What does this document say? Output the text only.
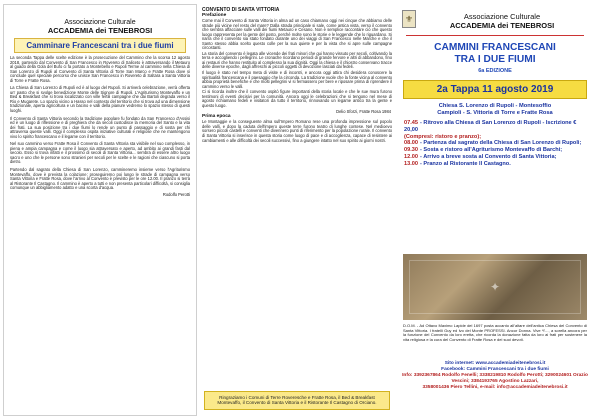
Associazione Culturale
ACCADEMIA dei TENEBROSI
Camminare Francescani tra i due fiumi
La seconda Tappa delle scelte edizione è la prosecuzione del Cammino che la scorsa 12 agosto 2018, partendo dal Convento di San Francesco in Rovereto di Saliceto è attraversando il Metauro al guado della Gola del Bufo ci fa portato a Montebello e Rupoli Terme al cammino nella Chiesa di San Lorenzo di Rupoli al Convento di Santa Vittoria di Torre San Marco e Fratte Rosa dove si conclude quel speciale percorso che unisce San Francesco in Rovereto di Saltara a Santa Vittoria di Torre e Fratte Rosa.
La Chiesa di San Lorenzo di Rupoli ed è al luogo del Rupoli. Si arriverà celebrazione, verrà offerta un' pasto che si svolge benedizione Monte delle Signore di Rupoli. L'Agriturismo Montevaffo e un Bed & Breakfast che si trova localizzato con ville fertili campagne che dai Bartoli degrada verso il Rio e Mugarete. Lo spazio vicino a Hasso nel contesto del territorio che si trova ad una dimensione tradizionale, aperta agricoltura e un bacino e valli della pianure vedremo lo spazio stesso di questi luoghi.
Il Convento di Santa Vittoria secondo la tradizione popolare fu fondato da San Francesco d'Assisi ed è un luogo di riflessione e di preghiera che da secoli custodisce la memoria del Santo e la vita dei frati. La sua posizione tra i due fiumi lo rende un punto di passaggio e di sosta per chi attraversa queste valli. Oggi il complesso ospita iniziative culturali e religiose che ne mantengono vivo lo spirito francescano e il legame con il territorio.
Nel suo cammino verso Fratte Rosa il Convento di Santa Vittoria sta visibile nel suo complesso, in piena e ampia campagna e come il luogo sia attraversato e aperto, ad ambito ai grandi fasti dal secolo. Esso si trova infatti e il prossimo di secoli di Santa Vittoria... sembra di essere altro luogo sacro e uno che le persone sono stranieri per secoli per le scelte e le ragioni che ciascuno si porta dietro.
Partendo dal sagrato della Chiesa di San Lorenzo, cammineremo insieme verso l'Agriturismo Montevaffo, dove è prevista la colazione; proseguiremo poi lungo le strade di campagna verso Santa Vittoria e Fratte Rosa, dove l'arrivo al Convento è previsto per le ore 12.00. Il pranzo si terrà al Ristorante Il Castagno. Il cammino è aperto a tutti e non presenta particolari difficoltà, si consiglia comunque un abbigliamento adatto e una scorta d'acqua.
Rodolfo Perotti
CONVENTO DI SANTA VITTORIA
Prefazione
Come mai il Convento di Santa Vittoria in alma ad un caso chiamano oggi nei cinque che abbiamo delle strade più vicine nel resto del mare? Dalla strada principale si sale, come antica vista, verso il convento che sembra affacciare sulle valli dei fiumi Metauro e Cesano. Non è semplice raccontare ciò che questo luogo rappresenta per la gente del posto, perché molte sono le storie e le leggende che lo riguardano. Si narra che il convento sia stato fondato durante uno dei viaggi di San Francesco nelle Marche e che il Santo stesso abbia scelto questo colle per la sua quiete e per la vista che si apre sulle campagne circostanti.
La storia del convento è legata alle vicende dei frati minori che qui hanno vissuto per secoli, coltivando la terra e accogliendo i pellegrini. Le cronache ricordano periodi di grande fervore e altri di abbandono, fino ai restauri che hanno restituito al complesso la sua dignità. Oggi la chiesa e il chiostro conservano tracce delle diverse epoche, dagli affreschi ai piccoli oggetti di devozione lasciati dai fedeli.
Il luogo è stato nel tempo meta di visite e di incontri, e ancora oggi attira chi desidera conoscere la spiritualità francescana e il paesaggio che la circonda. La tradizione vuole che la fonte vicina al convento abbia proprietà benefiche e che molti pellegrini vi si fermassero per bere e riposare prima di riprendere il cammino verso le valli.
Ci si ricorda inoltre che il convento ospitò figure importanti della storia locale e che le sue mura furono testimoni di eventi decisivi per la comunità. Ancora oggi le celebrazioni che si tengono nel mese di agosto richiamano fedeli e visitatori da tutto il territorio, rinnovando un legame antico tra la gente e questo luogo.
Delio Sforzi, Fratte Rosa 1984
Prima epoca
Le Montaggie e la conseguente alma sull'Impero Romano rese una profonda impressione sul popolo delle valli, e dopo la caduta dell'impero queste terre furono teatro di lunghe contese. Nel medioevo sorsero piccoli castelli e conventi che divennero punti di riferimento per la popolazione rurale. Il convento di Santa Vittoria si inserisce in questa storia come luogo di pace e di accoglienza, capace di resistere ai cambiamenti e alle difficoltà dei secoli successivi, fino a giungere intatto nel suo spirito ai giorni nostri.
Ringraziamo i Comuni di Terre Roveresche e Fratte Rosa, il Bed & Breakfast Montevaffo, il Convento di Santa Vittoria e il Ristorante Il Castagno di Orciano.
⚜	Associazione Culturale
ACCADEMIA dei TENEBROSI
CAMMINI FRANCESCANI
TRA I DUE FIUMI
6a EDIZIONE
2a Tappa 11 agosto 2019
Chiesa S. Lorenzo di Rupoli - Montesoffio
Campioli - S. Vittoria di Torre e Fratte Rosa
07.45 - Ritrovo alla Chiesa di San Lorenzo di Rupoli - Iscrizione € 20,00
(Compresi: ristoro e pranzo);
08.00 - Partenza dal sagrato della Chiesa di San Lorenzo di Rupoli;
09.30 - Sosta e ristoro all'Agriturismo Montevaffo di Barchi;
12.00 - Arrivo a breve sosta al Convento di Santa Vittoria;
13.00 - Pranzo al Ristorante Il Castagno.
✦
D.O.M. - Ad Ottavo Maximo Lapide del 1697 posta accanto all'altare dell'antica Chiesa del Convento di Santa Vittoria. I fratelli Guy ed Ivo del Monte PROFESSI. Ancor Donna. Vive *l'..., a sorella ancora per la funzione del Convento da loro eretta, che ricorda la donazione fatta da loro ai frati per sostenere la vita religiosa e la cura del Convento di Fratte Rosa e dei suoi devoti.
Sito internet: www.accademiadeitenebrosi.it
Facebook: Cammini Francescani tra i due fiumi
Info: 3392367864 Rodolfo Fenelli; 3338219810 Rodolfo Perotti; 3290024601 Orazio Vescini; 3384193765 Agostino Lazzari,
3358001436 Piero Tellini, e-mail: info@accademiadeitenebrosi.it
